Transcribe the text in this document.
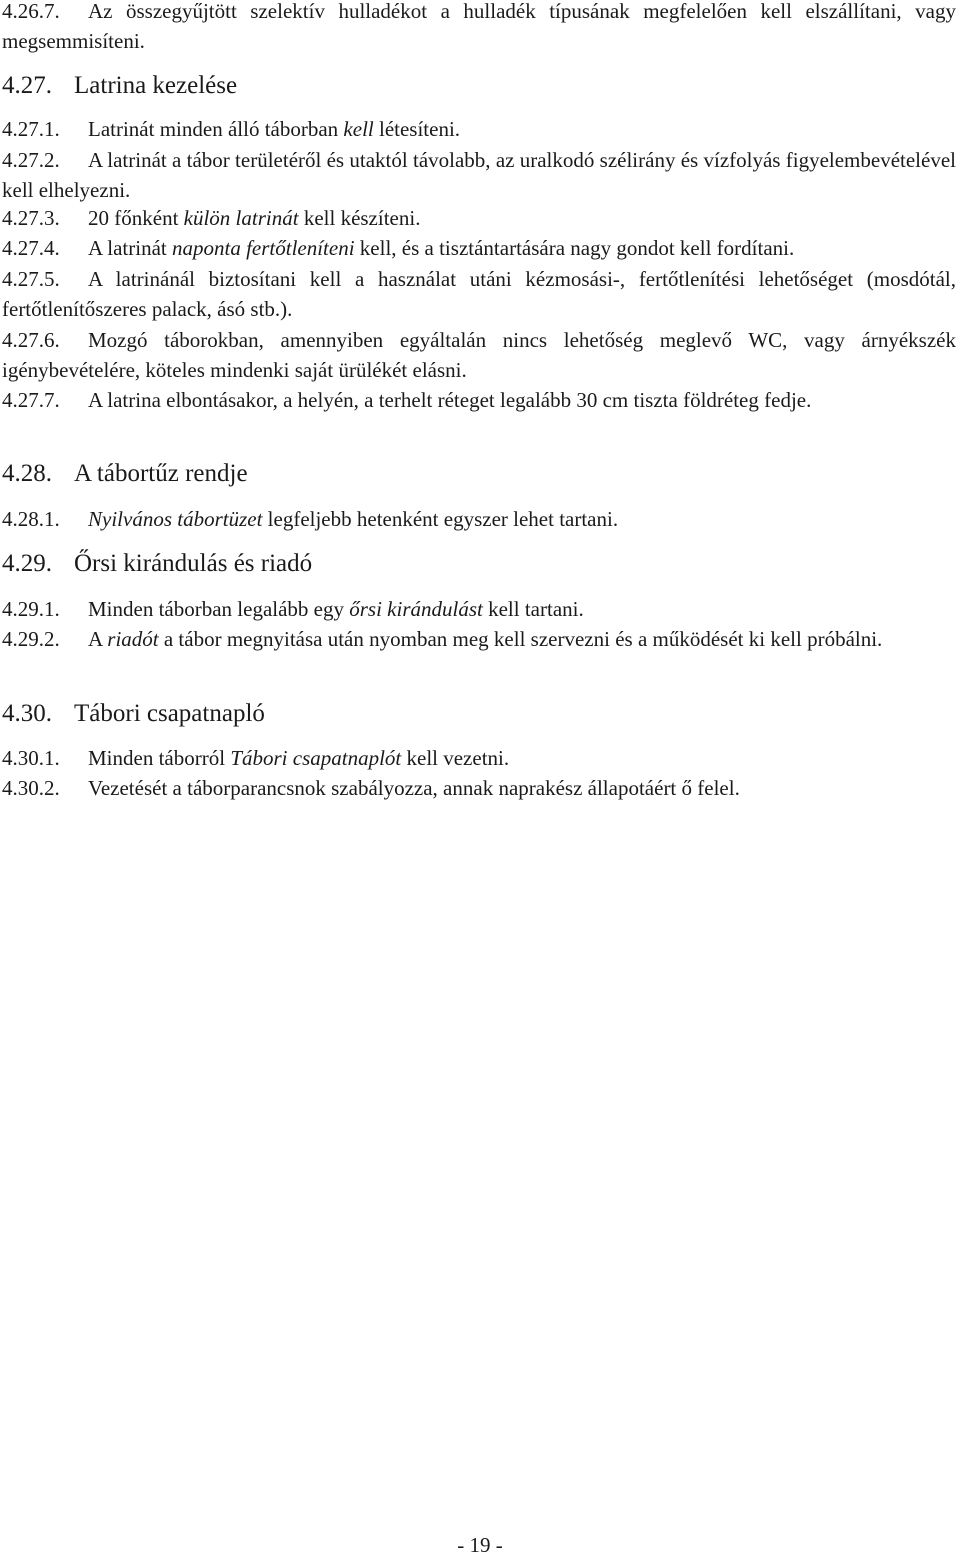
4.26.7. Az összegyűjtött szelektív hulladékot a hulladék típusának megfelelően kell elszállítani, vagy megsemmisíteni.
4.27. Latrina kezelése
4.27.1. Latrinát minden álló táborban kell létesíteni.
4.27.2. A latrinát a tábor területéről és utaktól távolabb, az uralkodó szélirány és vízfolyás figyelembevételével kell elhelyezni.
4.27.3. 20 főnként külön latrinát kell készíteni.
4.27.4. A latrinát naponta fertőtleníteni kell, és a tisztántartására nagy gondot kell fordítani.
4.27.5. A latrinánál biztosítani kell a használat utáni kézmosási-, fertőtlenítési lehetőséget (mosdótál, fertőtlenítőszeres palack, ásó stb.).
4.27.6. Mozgó táborokban, amennyiben egyáltalán nincs lehetőség meglevő WC, vagy árnyékszék igénybevételére, köteles mindenki saját ürülékét elásni.
4.27.7. A latrina elbontásakor, a helyén, a terhelt réteget legalább 30 cm tiszta földréteg fedje.
4.28. A tábortűz rendje
4.28.1. Nyilvános tábortüzet legfeljebb hetenként egyszer lehet tartani.
4.29. Őrsi kirándulás és riadó
4.29.1. Minden táborban legalább egy őrsi kirándulást kell tartani.
4.29.2. A riadót a tábor megnyitása után nyomban meg kell szervezni és a működését ki kell próbálni.
4.30. Tábori csapatnapló
4.30.1. Minden táborról Tábori csapatnaplót kell vezetni.
4.30.2. Vezetését a táborparancsnok szabályozza, annak naprakész állapotáért ő felel.
- 19 -
